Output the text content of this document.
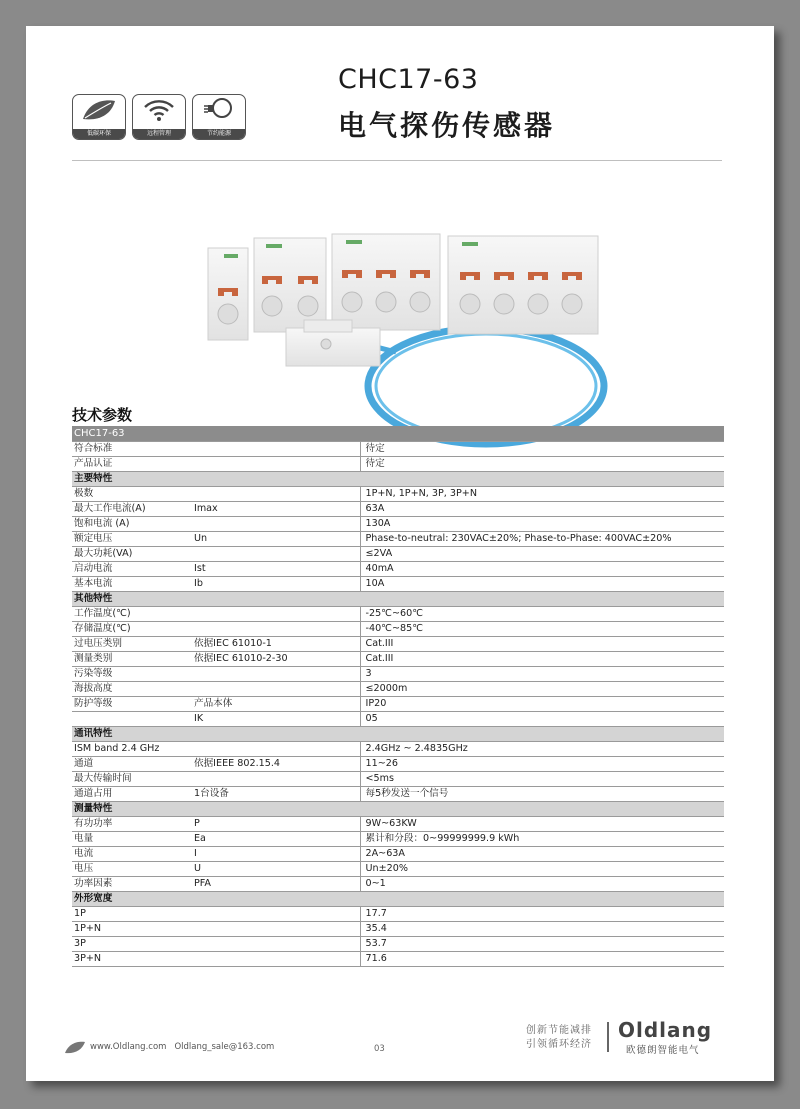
低碳环保	远程管理	节约能源
CHC17-63
电气探伤传感器
技术参数
CHC17-63		
符合标准		待定
产品认证		待定
主要特性		
极数		1P+N, 1P+N, 3P, 3P+N
最大工作电流(A)	Imax	63A
饱和电流 (A)		130A
额定电压	Un	Phase-to-neutral: 230VAC±20%; Phase-to-Phase: 400VAC±20%
最大功耗(VA)		≤2VA
启动电流	Ist	40mA
基本电流	Ib	10A
其他特性		
工作温度(℃)		-25℃~60℃
存储温度(℃)		-40℃~85℃
过电压类别	依据IEC 61010-1	Cat.III
测量类别	依据IEC 61010-2-30	Cat.III
污染等级		3
海拔高度		≤2000m
防护等级	产品本体	IP20
	IK	05
通讯特性		
ISM band 2.4 GHz		2.4GHz ~ 2.4835GHz
通道	依据IEEE 802.15.4	11~26
最大传输时间		<5ms
通道占用	1台设备	每5秒发送一个信号
测量特性		
有功功率	P	9W~63KW
电量	Ea	累计和分段：0~99999999.9 kWh
电流	I	2A~63A
电压	U	Un±20%
功率因素	PFA	0~1
外形宽度		
1P		17.7
1P+N		35.4
3P		53.7
3P+N		71.6
www.Oldlang.com Oldlang_sale@163.com	03
创新节能减排
引领循环经济
Oldlang
欧德朗智能电气
